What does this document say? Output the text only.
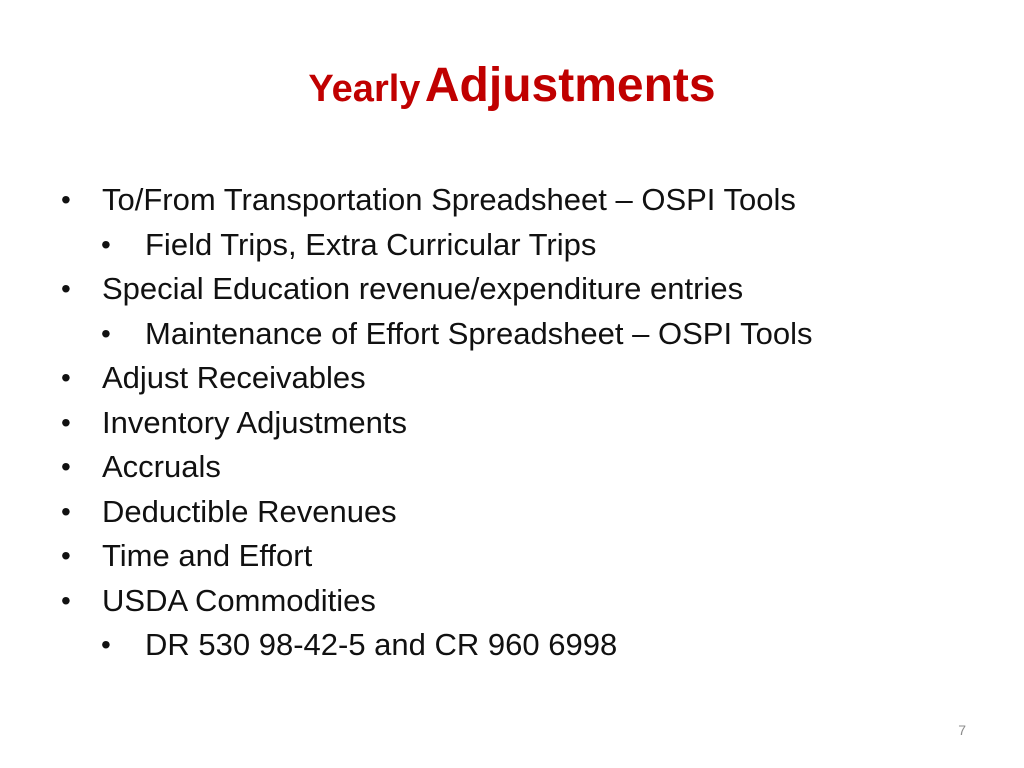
Yearly Adjustments
• To/From Transportation Spreadsheet – OSPI Tools
• Field Trips, Extra Curricular Trips
• Special Education revenue/expenditure entries
• Maintenance of Effort Spreadsheet – OSPI Tools
• Adjust Receivables
• Inventory Adjustments
• Accruals
• Deductible Revenues
• Time and Effort
• USDA Commodities
• DR 530 98-42-5 and CR 960 6998
7
